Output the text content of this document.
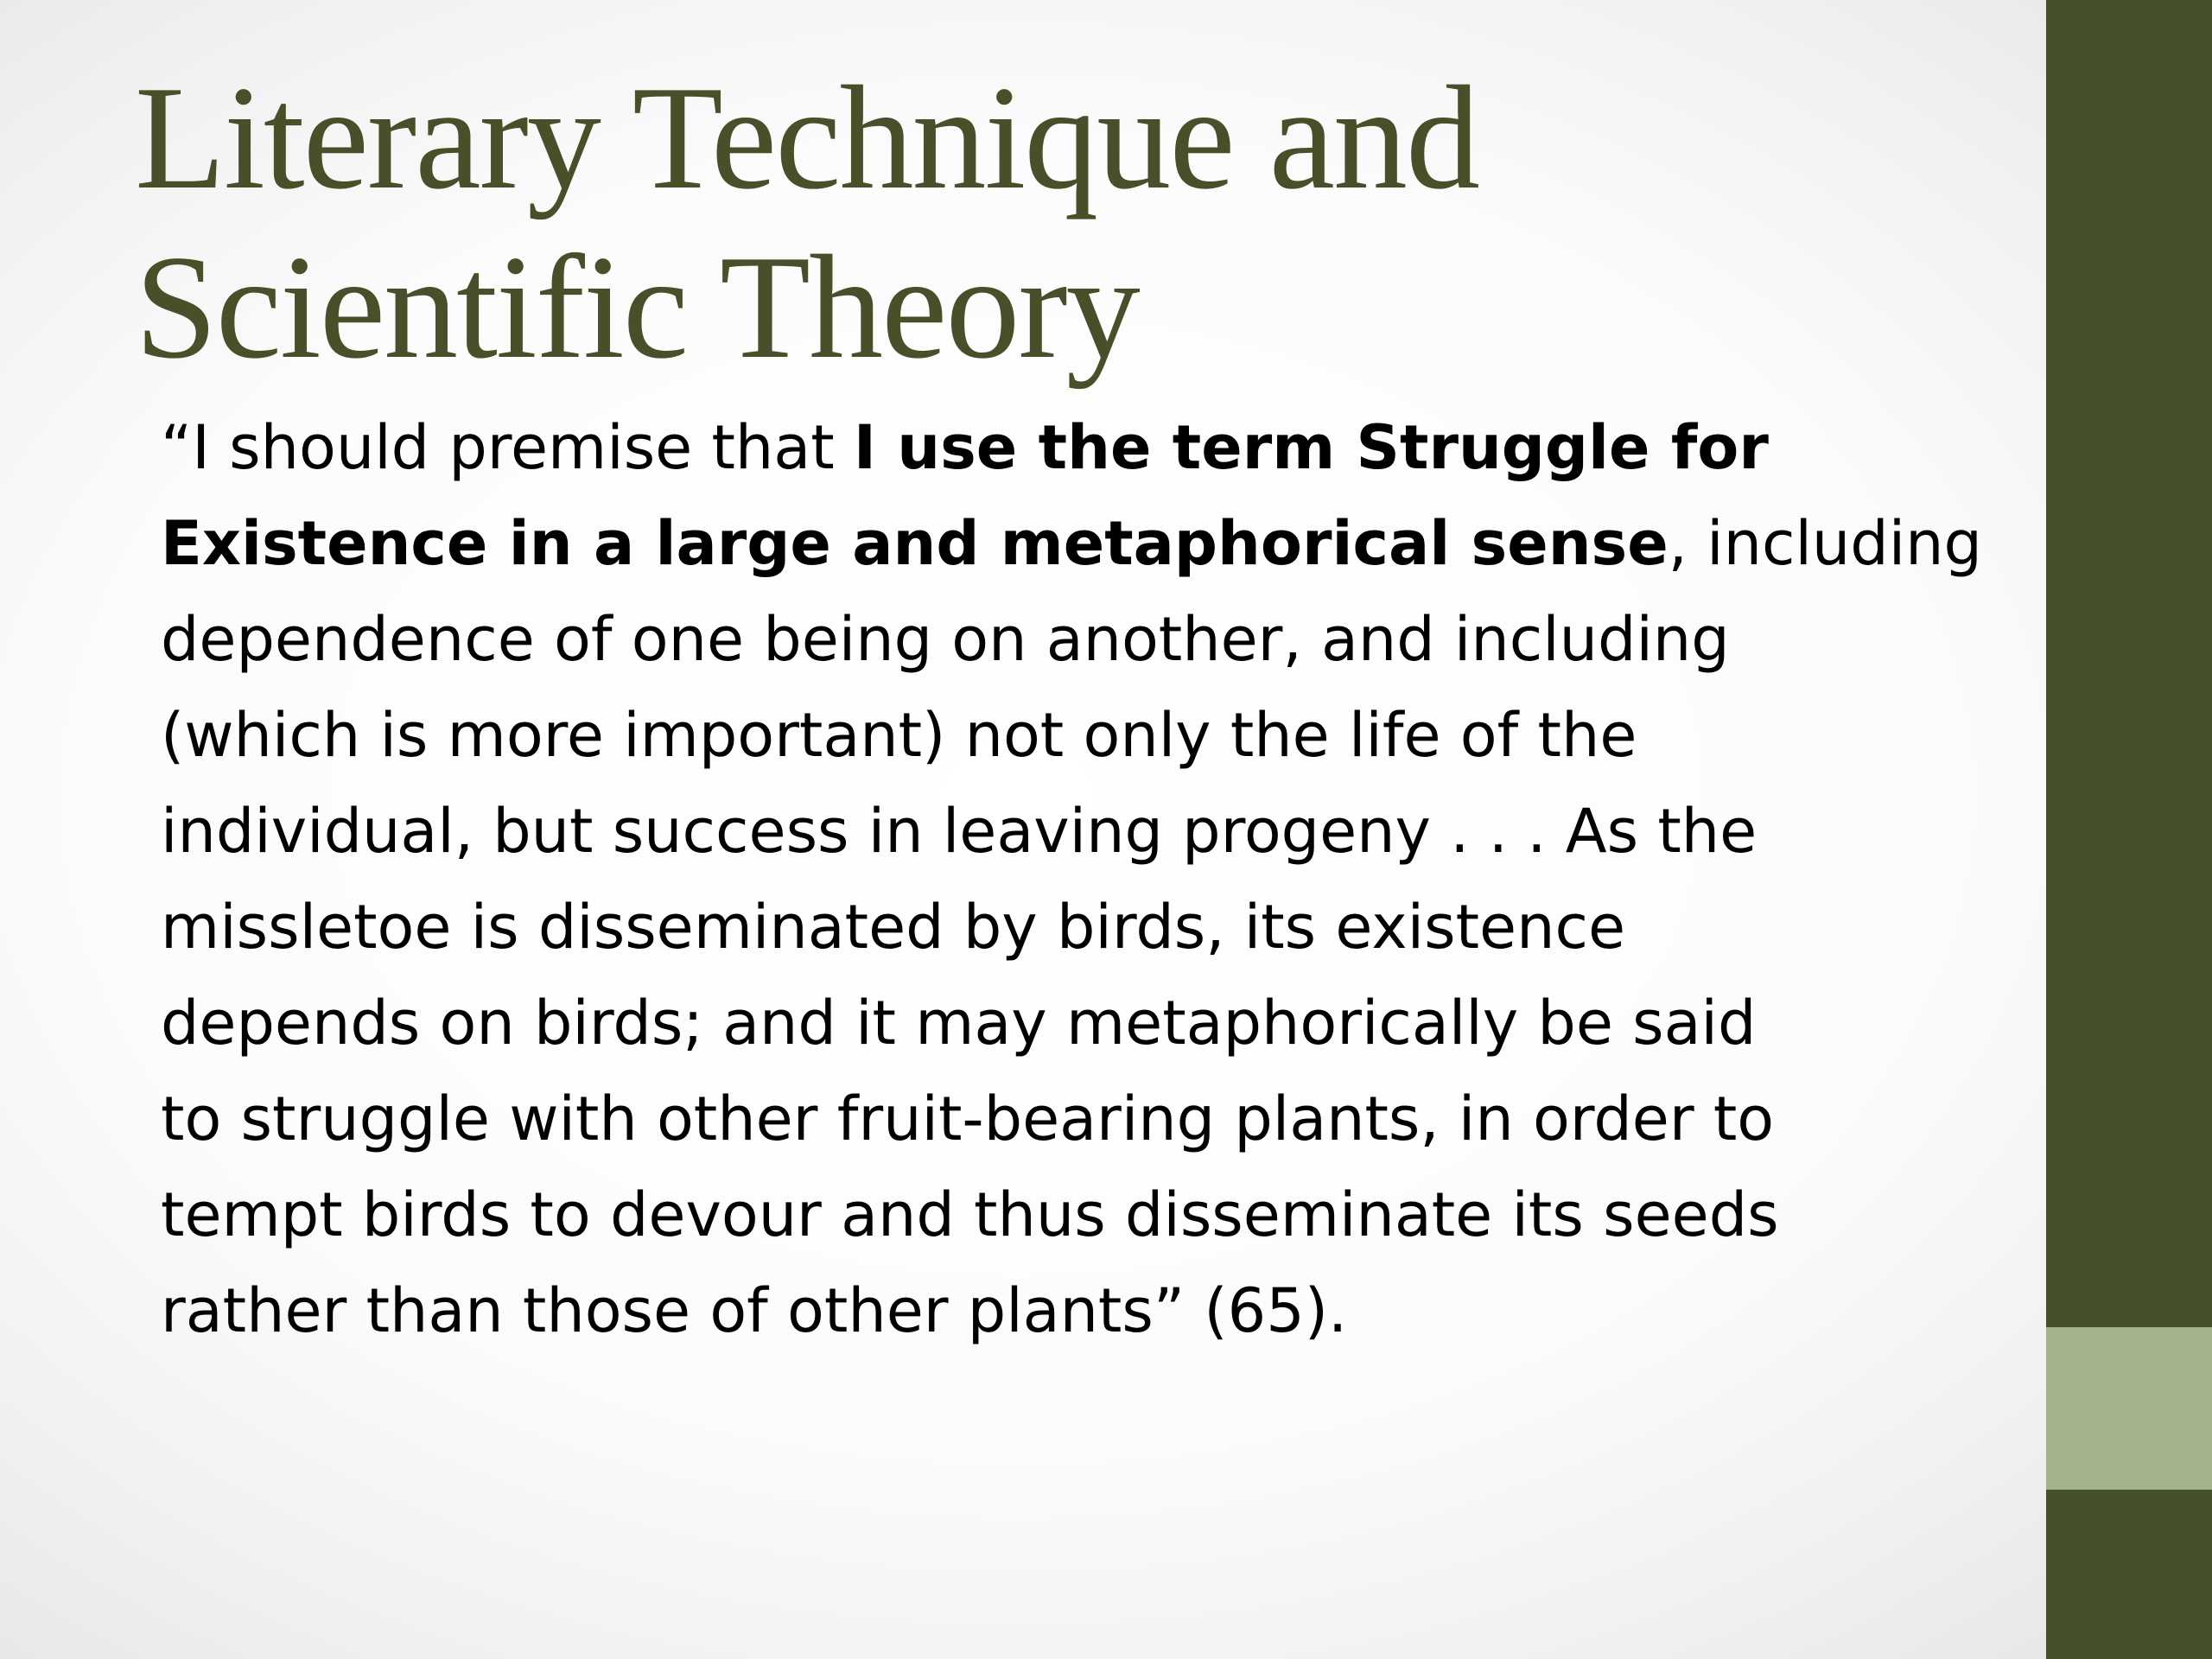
Literary Technique and
Scientific Theory
“I should premise that I use the term Struggle for
Existence in a large and metaphorical sense, including
dependence of one being on another, and including
(which is more important) not only the life of the
individual, but success in leaving progeny . . . As the
missletoe is disseminated by birds, its existence
depends on birds; and it may metaphorically be said
to struggle with other fruit-bearing plants, in order to
tempt birds to devour and thus disseminate its seeds
rather than those of other plants” (65).
